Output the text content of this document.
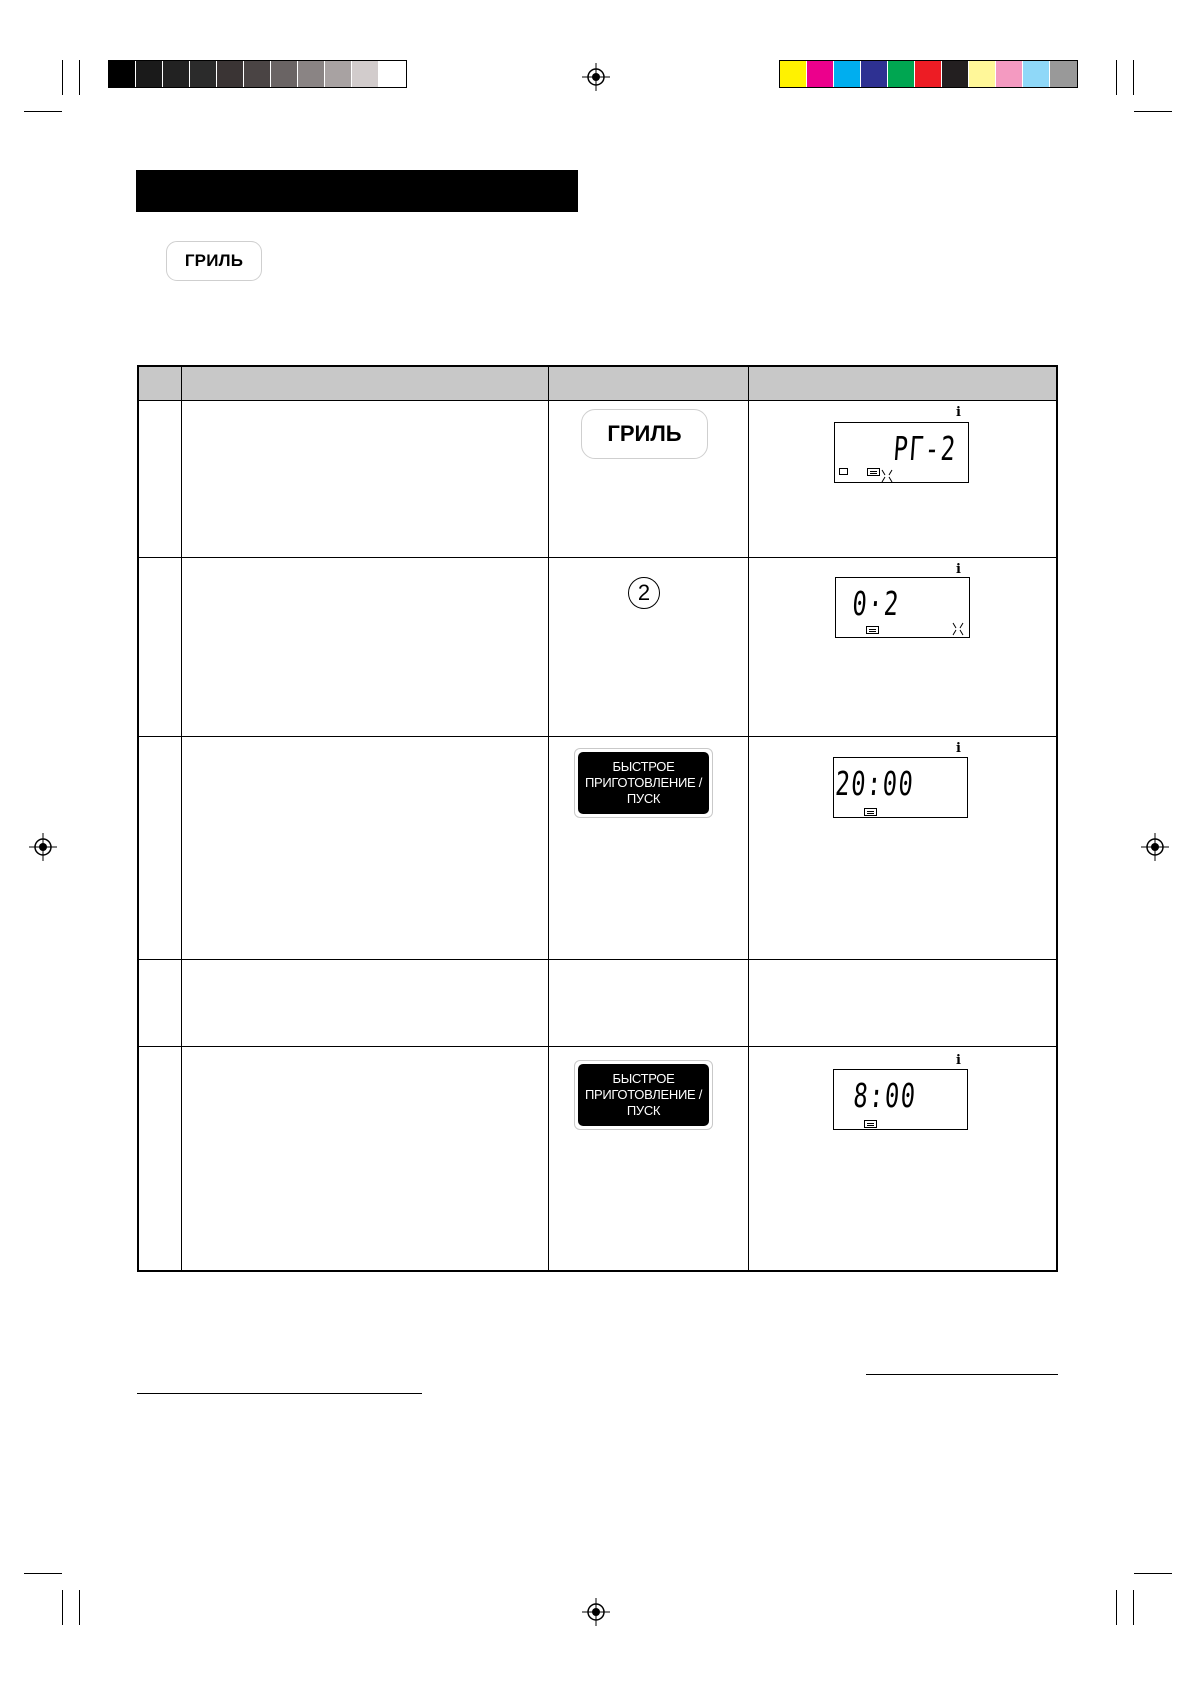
ГРИЛЬ
ГРИЛЬ
i
PГ-2
2
i
0·2
БЫСТРОЕ
ПРИГОТОВЛЕНИЕ /
ПУСК
i
20:00
БЫСТРОЕ
ПРИГОТОВЛЕНИЕ /
ПУСК
i
8:00
